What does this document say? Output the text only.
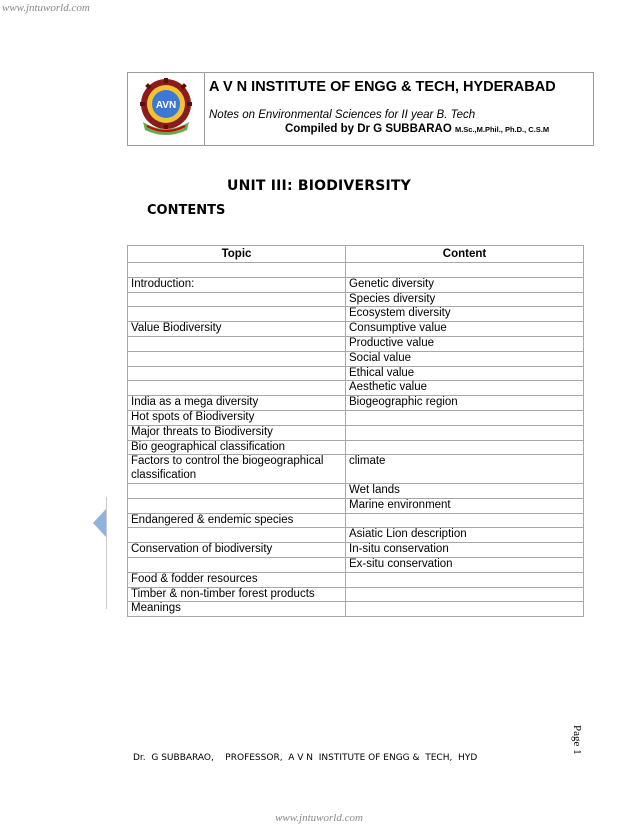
www.jntuworld.com
AVN
A V N INSTITUTE OF ENGG & TECH, HYDERABAD
Notes on Environmental Sciences for II year B. Tech
Compiled by Dr G SUBBARAO M.Sc.,M.Phil., Ph.D., C.S.M
UNIT III: BIODIVERSITY
CONTENTS
Topic	Content

Introduction:	Genetic diversity
	Species diversity
	Ecosystem diversity
Value Biodiversity	Consumptive value
	Productive value
	Social value
	Ethical value
	Aesthetic value
India as a mega diversity	Biogeographic region
Hot spots of Biodiversity	
Major threats to Biodiversity	
Bio geographical classification	
Factors to control the biogeographical classification	climate
	Wet lands
	Marine environment
Endangered & endemic species	
	Asiatic Lion description
Conservation of biodiversity	In-situ conservation
	Ex-situ conservation
Food & fodder resources	
Timber & non-timber forest products	
Meanings	
Page 1
Dr.  G SUBBARAO,    PROFESSOR,  A V N  INSTITUTE OF ENGG &  TECH,  HYD
www.jntuworld.com
